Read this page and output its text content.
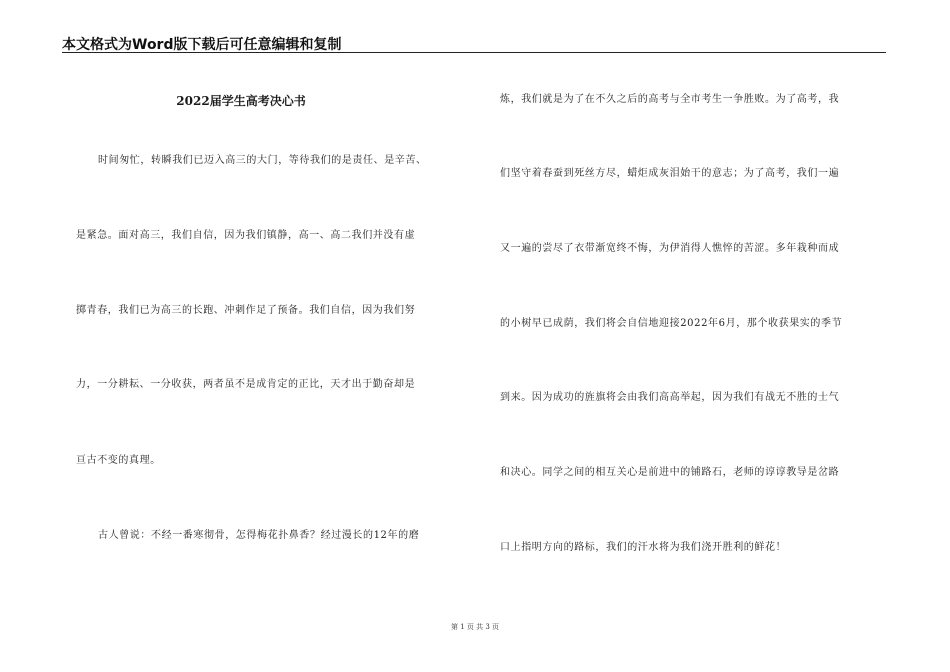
本文格式为Word版下载后可任意编辑和复制
2022届学生高考决心书
时间匆忙，转瞬我们已迈入高三的大门，等待我们的是责任、是辛苦、
是紧急。面对高三，我们自信，因为我们镇静，高一、高二我们并没有虚
掷青春，我们已为高三的长跑、冲刺作足了预备。我们自信，因为我们努
力，一分耕耘、一分收获，两者虽不是成肯定的正比，天才出于勤奋却是
亘古不变的真理。
古人曾说：不经一番寒彻骨，怎得梅花扑鼻香？经过漫长的12年的磨
炼，我们就是为了在不久之后的高考与全市考生一争胜败。为了高考，我
们坚守着春蚕到死丝方尽，蜡炬成灰泪始干的意志；为了高考，我们一遍
又一遍的尝尽了衣带渐宽终不悔，为伊消得人憔悴的苦涩。多年栽种而成
的小树早已成荫，我们将会自信地迎接2022年6月，那个收获果实的季节
到来。因为成功的旌旗将会由我们高高举起，因为我们有战无不胜的士气
和决心。同学之间的相互关心是前进中的铺路石，老师的谆谆教导是岔路
口上指明方向的路标，我们的汗水将为我们浇开胜利的鲜花！
第 1 页 共 3 页
